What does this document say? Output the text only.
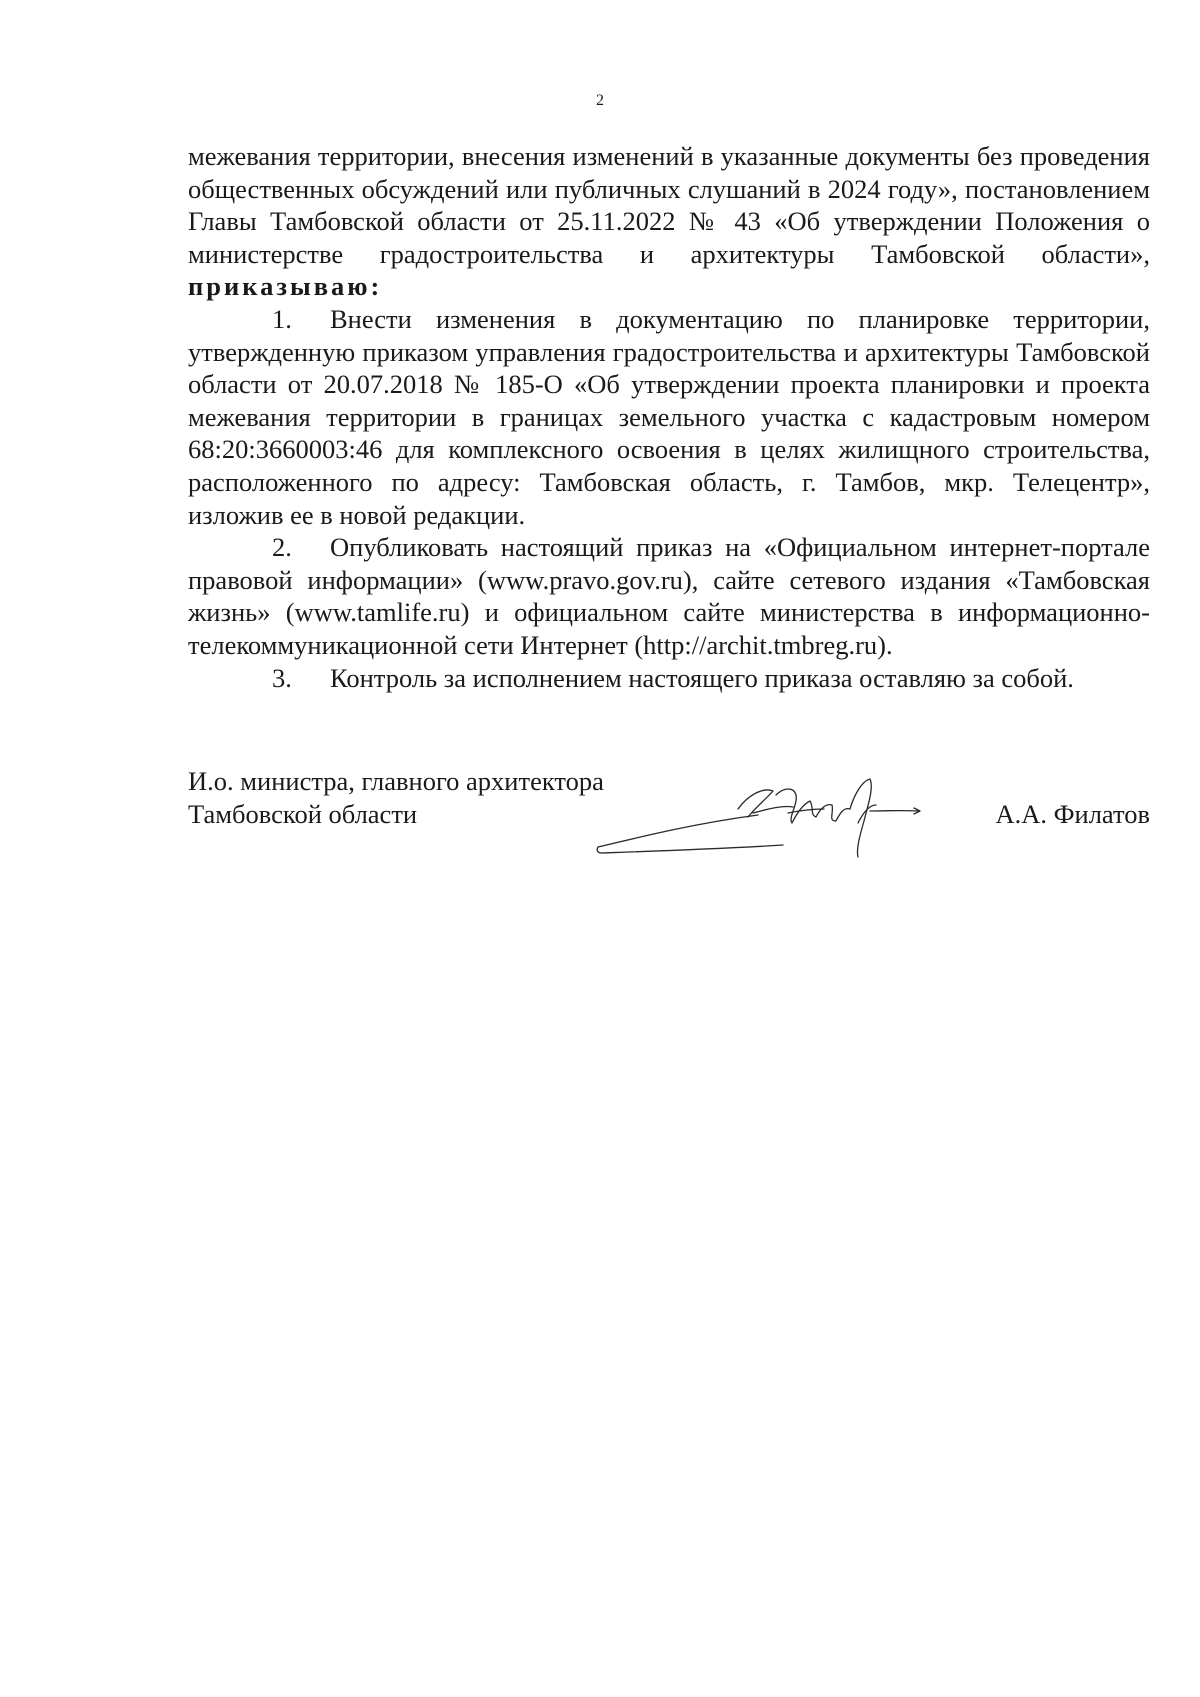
2

межевания территории, внесения изменений в указанные документы без проведения общественных обсуждений или публичных слушаний в 2024 году», постановлением Главы Тамбовской области от 25.11.2022 № 43 «Об утверждении Положения о министерстве градостроительства и архитектуры Тамбовской области», приказываю:

1. Внести изменения в документацию по планировке территории, утвержденную приказом управления градостроительства и архитектуры Тамбовской области от 20.07.2018 № 185-О «Об утверждении проекта планировки и проекта межевания территории в границах земельного участка с кадастровым номером 68:20:3660003:46 для комплексного освоения в целях жилищного строительства, расположенного по адресу: Тамбовская область, г. Тамбов, мкр. Телецентр», изложив ее в новой редакции.

2. Опубликовать настоящий приказ на «Официальном интернет-портале правовой информации» (www.pravo.gov.ru), сайте сетевого издания «Тамбовская жизнь» (www.tamlife.ru) и официальном сайте министерства в информационно-телекоммуникационной сети Интернет (http://archit.tmbreg.ru).

3. Контроль за исполнением настоящего приказа оставляю за собой.

И.о. министра, главного архитектора
Тамбовской области	А.А. Филатов
